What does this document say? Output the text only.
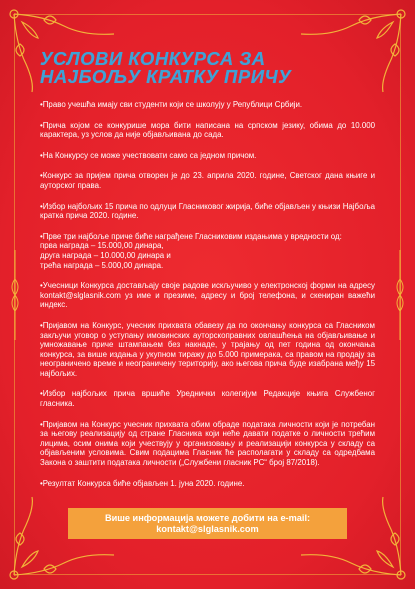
УСЛОВИ КОНКУРСА ЗА
НАЈБОЉУ КРАТКУ ПРИЧУ
•Право учешћа имају сви студенти који се школују у Републици Србији.
•Прича којом се конкурише мора бити написана на српском језику, обима до 10.000 карактера, уз услов да није објављивана до сада.
•На Конкурсу се може учествовати само са једном причом.
•Конкурс за пријем прича отворен је до 23. априла 2020. године, Светског дана књиге и ауторског права.
•Избор најбољих 15 прича по одлуци Гласниковог жирија, биће објављен у књизи Најбоља кратка прича 2020. године.
•Прве три најбоље приче биће награђене Гласниковим издањима у вредности од:
прва награда – 15.000,00 динара,
друга награда – 10.000,00 динара и
трећа награда – 5.000,00 динара.
•Учесници Конкурса достављају своје радове искључиво у електронској форми на адресу kontakt@slglasnik.com уз име и презиме, адресу и број телефона, и скениран важећи индекс.
•Пријавом на Конкурс, учесник прихвата обавезу да по окончању конкурса са Гласником закључи уговор о уступању имовинских ауторскоправних овлашћења на објављивање и умножавање приче штампањем без накнаде, у трајању од пет година од окончања конкурса, за више издања у укупном тиражу до 5.000 примерака, са правом на продају за неограничено време и неограничену територију, ако његова прича буде изабрана међу 15 најбољих.
•Избор најбољих прича вршиће Уреднички колегијум Редакције књига Службеног гласника.
•Пријавом на Конкурс учесник прихвата обим обраде података личности који је потребан за његову реализацију од стране Гласника који неће давати податке о личности трећим лицима, осим онима који учествују у организовању и реализацији конкурса у складу са објављеним условима. Свим подацима Гласник ће располагати у складу са одредбама Закона о заштити података личности („Службени гласник РС“ број 87/2018).
•Резултат Конкурса биће објављен 1. јуна 2020. године.
Више информација можете добити на e-mail:
kontakt@slglasnik.com
